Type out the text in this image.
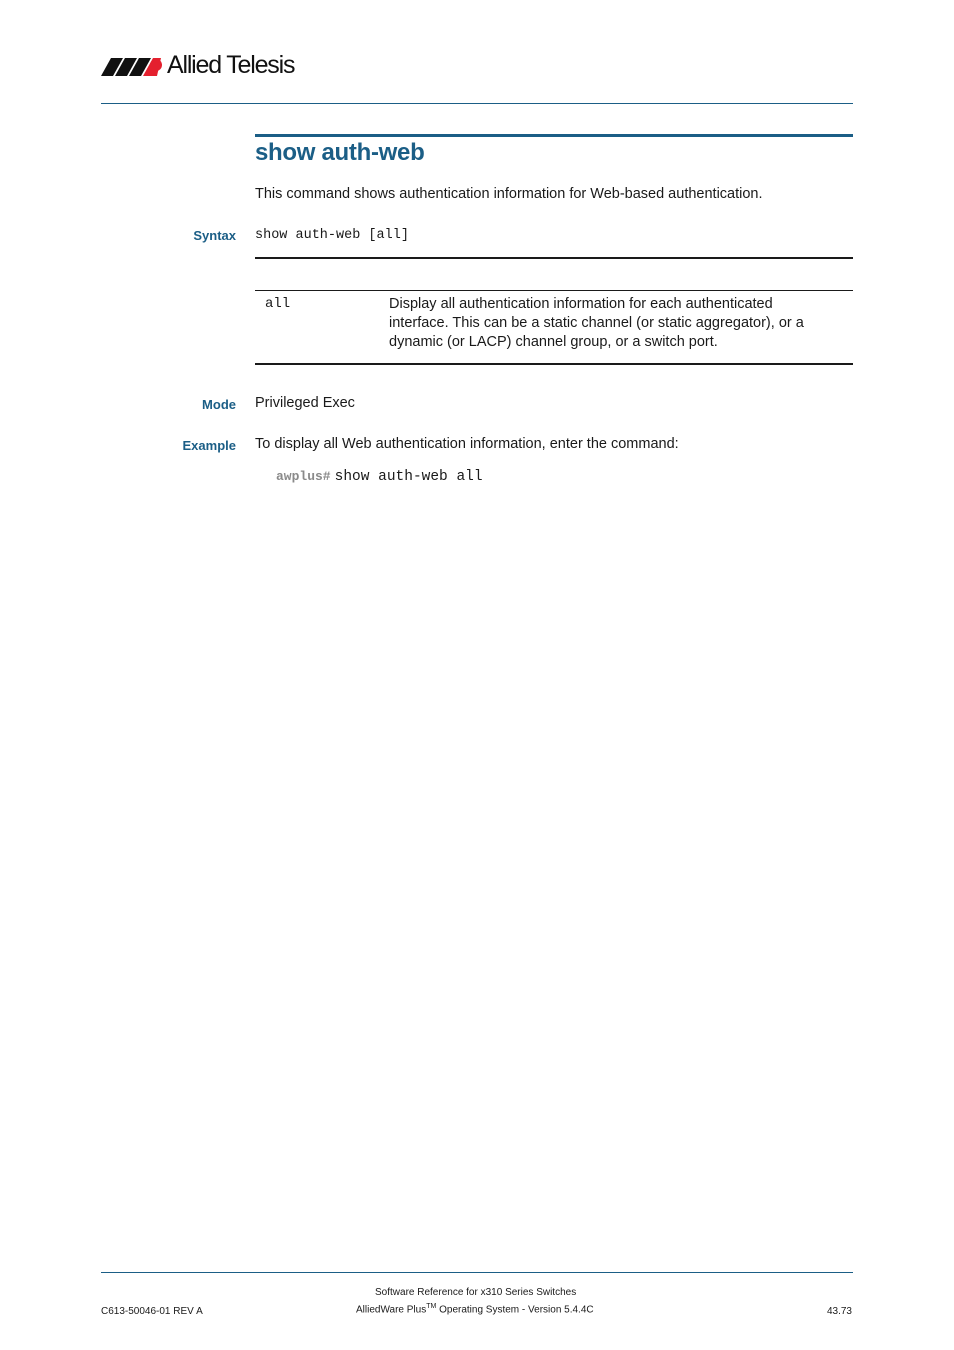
Allied Telesis
show auth-web
This command shows authentication information for Web-based authentication.
Syntax show auth-web [all]
all	Display all authentication information for each authenticated interface. This can be a static channel (or static aggregator), or a dynamic (or LACP) channel group, or a switch port.
Mode Privileged Exec
Example To display all Web authentication information, enter the command:
awplus# show auth-web all
Software Reference for x310 Series Switches
C613-50046-01 REV A	AlliedWare Plus™ Operating System - Version 5.4.4C	43.73
